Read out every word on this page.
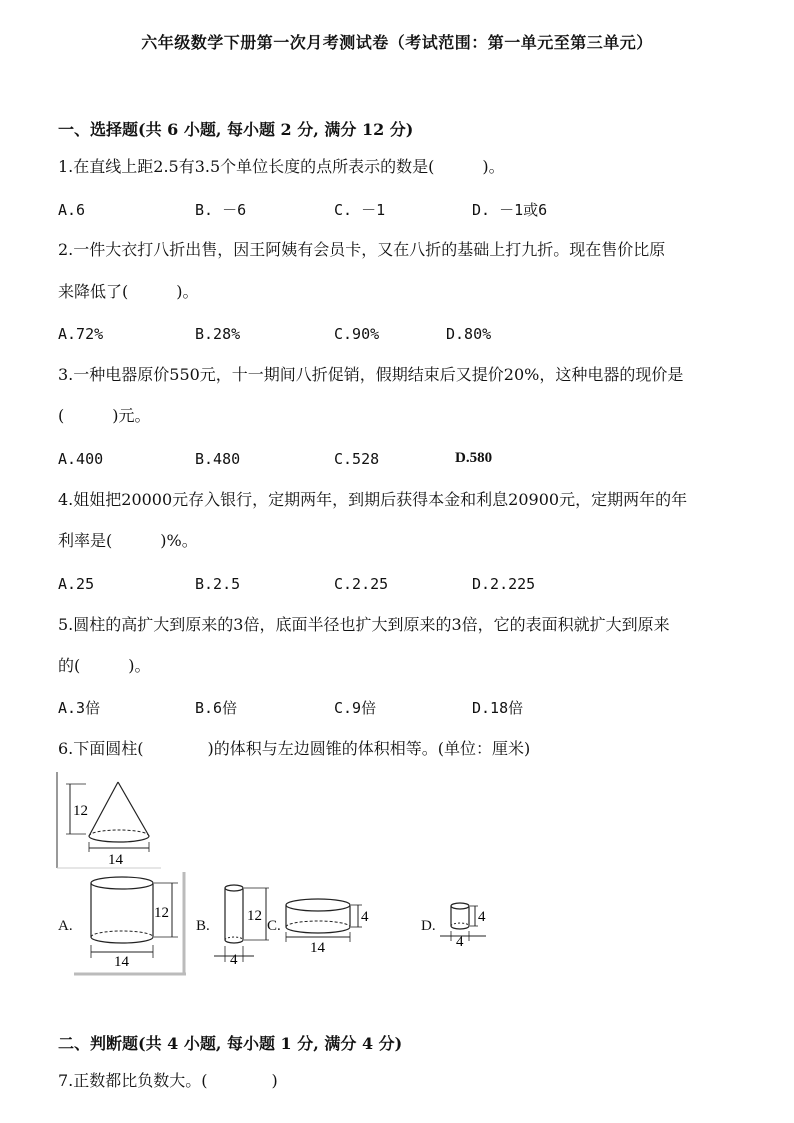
六年级数学下册第一次月考测试卷（考试范围：第一单元至第三单元）
一、选择题(共 6 小题, 每小题 2 分, 满分 12 分)
1.在直线上距2.5有3.5个单位长度的点所表示的数是(　　　)。
A.6	B. －6	C. －1	D. －1或6
2.一件大衣打八折出售，因王阿姨有会员卡，又在八折的基础上打九折。现在售价比原
来降低了(　　　)。
A.72%	B.28%	C.90%	D.80%
3.一种电器原价550元，十一期间八折促销，假期结束后又提价20%，这种电器的现价是
(　　　)元。
A.400	B.480	C.528	D.580
4.姐姐把20000元存入银行，定期两年，到期后获得本金和利息20900元，定期两年的年
利率是(　　　)%。
A.25	B.2.5	C.2.25	D.2.225
5.圆柱的高扩大到原来的3倍，底面半径也扩大到原来的3倍，它的表面积就扩大到原来
的(　　　)。
A.3倍	B.6倍	C.9倍	D.18倍
6.下面圆柱(　　　　)的体积与左边圆锥的体积相等。(单位：厘米)
12
14
A.
12
14
B.
12
4
C.
4
14
D.
4
4
二、判断题(共 4 小题, 每小题 1 分, 满分 4 分)
7.正数都比负数大。(　　　　)
